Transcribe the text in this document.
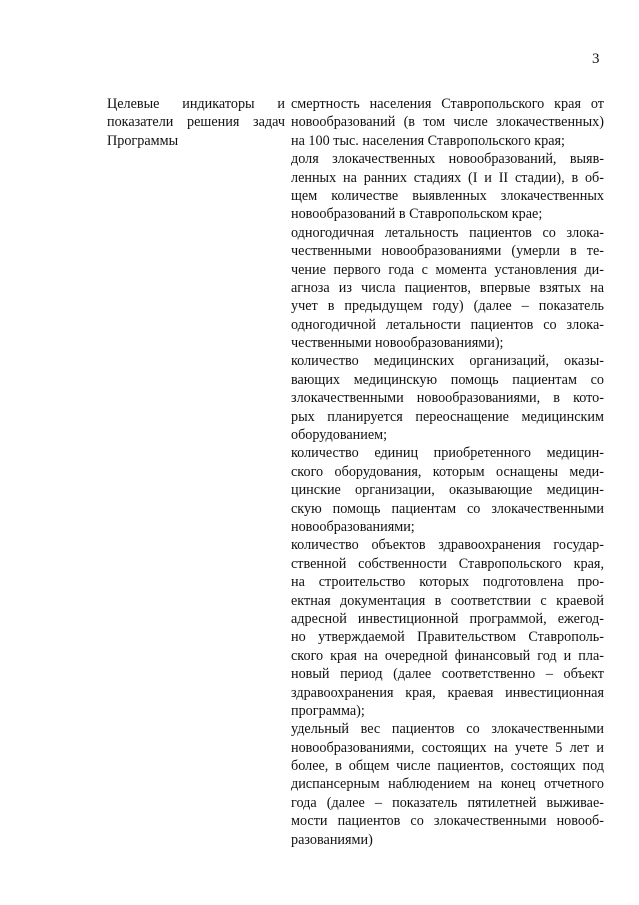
3
Целевые индикаторы и
показатели решения задач
Программы
смертность населения Ставропольского края от
новообразований (в том числе злокачественных)
на 100 тыс. населения Ставропольского края;
доля злокачественных новообразований, выяв-
ленных на ранних стадиях (I и II стадии), в об-
щем количестве выявленных злокачественных
новообразований в Ставропольском крае;
одногодичная летальность пациентов со злока-
чественными новообразованиями (умерли в те-
чение первого года с момента установления ди-
агноза из числа пациентов, впервые взятых на
учет в предыдущем году) (далее – показатель
одногодичной летальности пациентов со злока-
чественными новообразованиями);
количество медицинских организаций, оказы-
вающих медицинскую помощь пациентам со
злокачественными новообразованиями, в кото-
рых планируется переоснащение медицинским
оборудованием;
количество единиц приобретенного медицин-
ского оборудования, которым оснащены меди-
цинские организации, оказывающие медицин-
скую помощь пациентам со злокачественными
новообразованиями;
количество объектов здравоохранения государ-
ственной собственности Ставропольского края,
на строительство которых подготовлена про-
ектная документация в соответствии с краевой
адресной инвестиционной программой, ежегод-
но утверждаемой Правительством Ставрополь-
ского края на очередной финансовый год и пла-
новый период (далее соответственно – объект
здравоохранения края, краевая инвестиционная
программа);
удельный вес пациентов со злокачественными
новообразованиями, состоящих на учете 5 лет и
более, в общем числе пациентов, состоящих под
диспансерным наблюдением на конец отчетного
года (далее – показатель пятилетней выживае-
мости пациентов со злокачественными новооб-
разованиями)
